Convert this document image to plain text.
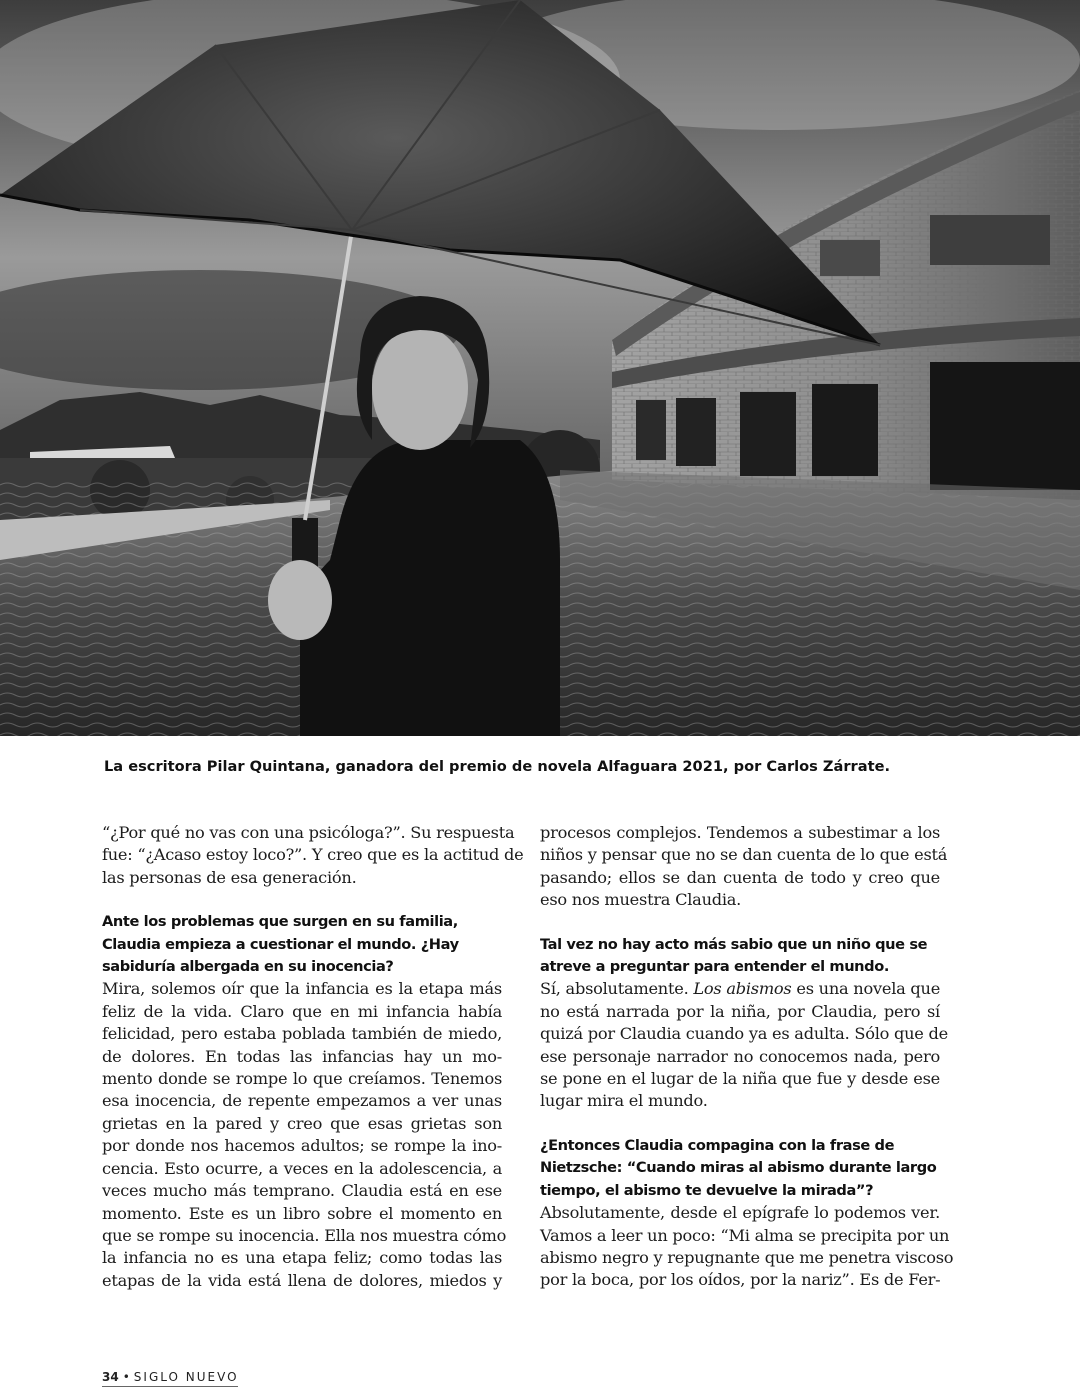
La escritora Pilar Quintana, ganadora del premio de novela Alfaguara 2021, por Carlos Zárrate.

“¿Por qué no vas con una psicóloga?”. Su respuesta
fue: “¿Acaso estoy loco?”. Y creo que es la actitud de
las personas de esa generación.

Ante los problemas que surgen en su familia,
Claudia empieza a cuestionar el mundo. ¿Hay
sabiduría albergada en su inocencia?

Mira, solemos oír que la infancia es la etapa más
feliz de la vida. Claro que en mi infancia había
felicidad, pero estaba poblada también de miedo,
de dolores. En todas las infancias hay un mo-
mento donde se rompe lo que creíamos. Tenemos
esa inocencia, de repente empezamos a ver unas
grietas en la pared y creo que esas grietas son
por donde nos hacemos adultos; se rompe la ino-
cencia. Esto ocurre, a veces en la adolescencia, a
veces mucho más temprano. Claudia está en ese
momento. Este es un libro sobre el momento en
que se rompe su inocencia. Ella nos muestra cómo
la infancia no es una etapa feliz; como todas las
etapas de la vida está llena de dolores, miedos y

procesos complejos. Tendemos a subestimar a los
niños y pensar que no se dan cuenta de lo que está
pasando; ellos se dan cuenta de todo y creo que
eso nos muestra Claudia.

Tal vez no hay acto más sabio que un niño que se
atreve a preguntar para entender el mundo.

Sí, absolutamente. Los abismos es una novela que
no está narrada por la niña, por Claudia, pero sí
quizá por Claudia cuando ya es adulta. Sólo que de
ese personaje narrador no conocemos nada, pero
se pone en el lugar de la niña que fue y desde ese
lugar mira el mundo.

¿Entonces Claudia compagina con la frase de
Nietzsche: “Cuando miras al abismo durante largo
tiempo, el abismo te devuelve la mirada”?

Absolutamente, desde el epígrafe lo podemos ver.
Vamos a leer un poco: “Mi alma se precipita por un
abismo negro y repugnante que me penetra viscoso
por la boca, por los oídos, por la nariz”. Es de Fer-

34 • SIGLO NUEVO
